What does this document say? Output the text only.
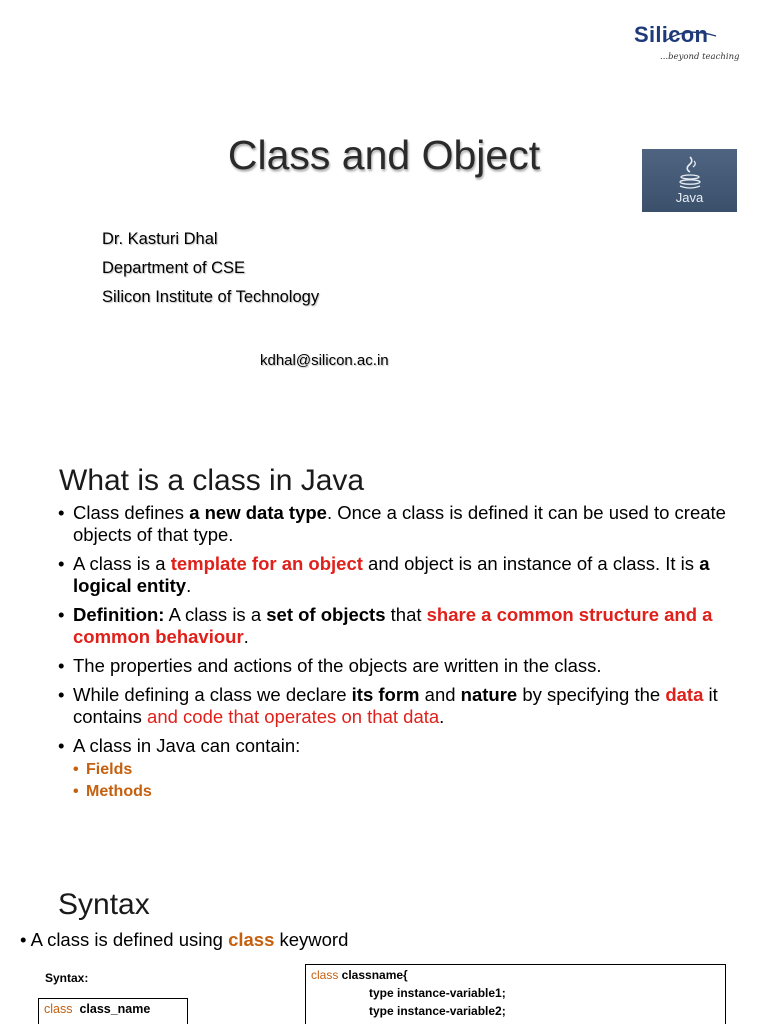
Silicon
...beyond teaching
Class and Object
Java
Dr. Kasturi Dhal
Department of CSE
Silicon Institute of Technology
kdhal@silicon.ac.in
What is a class in Java
• Class defines a new data type. Once a class is defined it can be used to create objects of that type.
• A class is a template for an object and object is an instance of a class. It is a logical entity.
• Definition: A class is a set of objects that share a common structure and a common behaviour.
• The properties and actions of the objects are written in the class.
• While defining a class we declare its form and nature by specifying the data it contains and code that operates on that data.
• A class in Java can contain:
• Fields
• Methods
Syntax
• A class is defined using class keyword
Syntax:
class class_name
class classname{
type instance-variable1;
type instance-variable2;
